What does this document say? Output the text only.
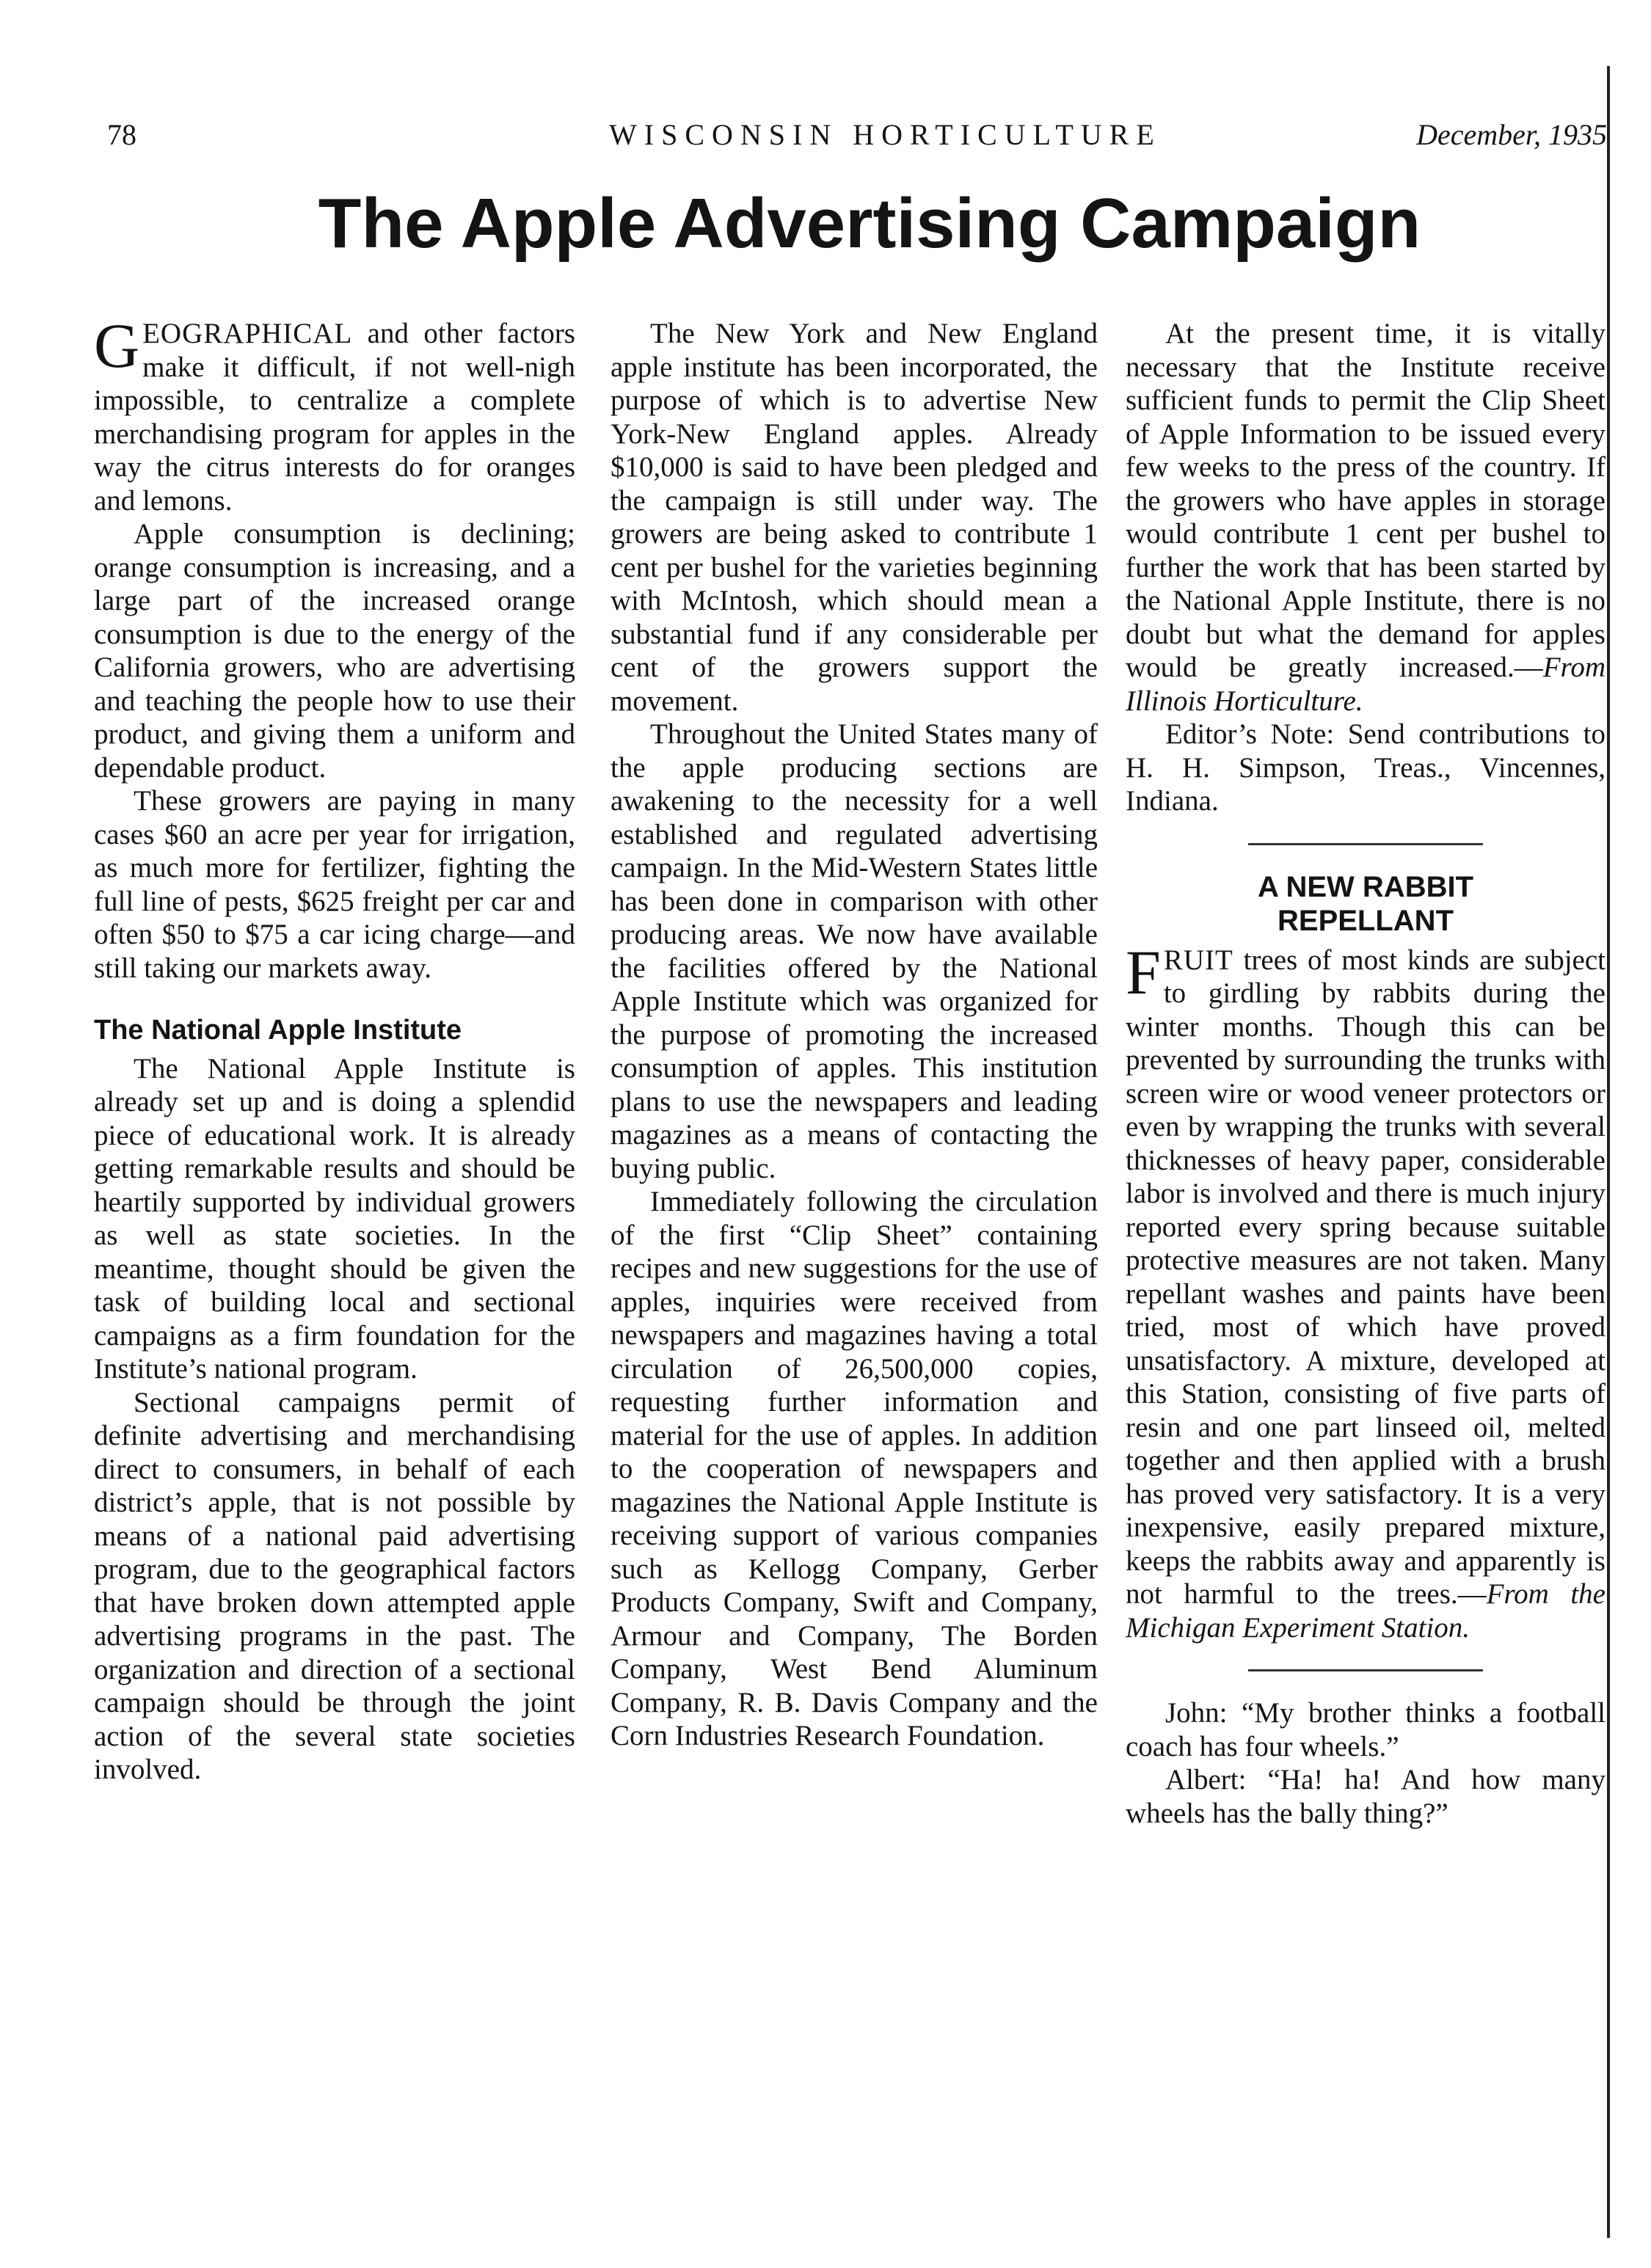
78	WISCONSIN HORTICULTURE	December, 1935
The Apple Advertising Campaign

GEOGRAPHICAL and other factors make it difficult, if not well-nigh impossible, to centralize a complete merchandising program for apples in the way the citrus interests do for oranges and lemons.

Apple consumption is declining; orange consumption is increasing, and a large part of the increased orange consumption is due to the energy of the California growers, who are advertising and teaching the people how to use their product, and giving them a uniform and dependable product.

These growers are paying in many cases $60 an acre per year for irrigation, as much more for fertilizer, fighting the full line of pests, $625 freight per car and often $50 to $75 a car icing charge—and still taking our markets away.

The National Apple Institute

The National Apple Institute is already set up and is doing a splendid piece of educational work. It is already getting remarkable results and should be heartily supported by individual growers as well as state societies. In the meantime, thought should be given the task of building local and sectional campaigns as a firm foundation for the Institute’s national program.

Sectional campaigns permit of definite advertising and merchandising direct to consumers, in behalf of each district’s apple, that is not possible by means of a national paid advertising program, due to the geographical factors that have broken down attempted apple advertising programs in the past. The organization and direction of a sectional campaign should be through the joint action of the several state societies involved.

The New York and New England apple institute has been incorporated, the purpose of which is to advertise New York-New England apples. Already $10,000 is said to have been pledged and the campaign is still under way. The growers are being asked to contribute 1 cent per bushel for the varieties beginning with McIntosh, which should mean a substantial fund if any considerable per cent of the growers support the movement.

Throughout the United States many of the apple producing sections are awakening to the necessity for a well established and regulated advertising campaign. In the Mid-Western States little has been done in comparison with other producing areas. We now have available the facilities offered by the National Apple Institute which was organized for the purpose of promoting the increased consumption of apples. This institution plans to use the newspapers and leading magazines as a means of contacting the buying public.

Immediately following the circulation of the first “Clip Sheet” containing recipes and new suggestions for the use of apples, inquiries were received from newspapers and magazines having a total circulation of 26,500,000 copies, requesting further information and material for the use of apples. In addition to the cooperation of newspapers and magazines the National Apple Institute is receiving support of various companies such as Kellogg Company, Gerber Products Company, Swift and Company, Armour and Company, The Borden Company, West Bend Aluminum Company, R. B. Davis Company and the Corn Industries Research Foundation.

At the present time, it is vitally necessary that the Institute receive sufficient funds to permit the Clip Sheet of Apple Information to be issued every few weeks to the press of the country. If the growers who have apples in storage would contribute 1 cent per bushel to further the work that has been started by the National Apple Institute, there is no doubt but what the demand for apples would be greatly increased.—From Illinois Horticulture.

Editor’s Note: Send contributions to H. H. Simpson, Treas., Vincennes, Indiana.

A NEW RABBIT
REPELLANT

FRUIT trees of most kinds are subject to girdling by rabbits during the winter months. Though this can be prevented by surrounding the trunks with screen wire or wood veneer protectors or even by wrapping the trunks with several thicknesses of heavy paper, considerable labor is involved and there is much injury reported every spring because suitable protective measures are not taken. Many repellant washes and paints have been tried, most of which have proved unsatisfactory. A mixture, developed at this Station, consisting of five parts of resin and one part linseed oil, melted together and then applied with a brush has proved very satisfactory. It is a very inexpensive, easily prepared mixture, keeps the rabbits away and apparently is not harmful to the trees.—From the Michigan Experiment Station.

John: “My brother thinks a football coach has four wheels.”

Albert: “Ha! ha! And how many wheels has the bally thing?”
